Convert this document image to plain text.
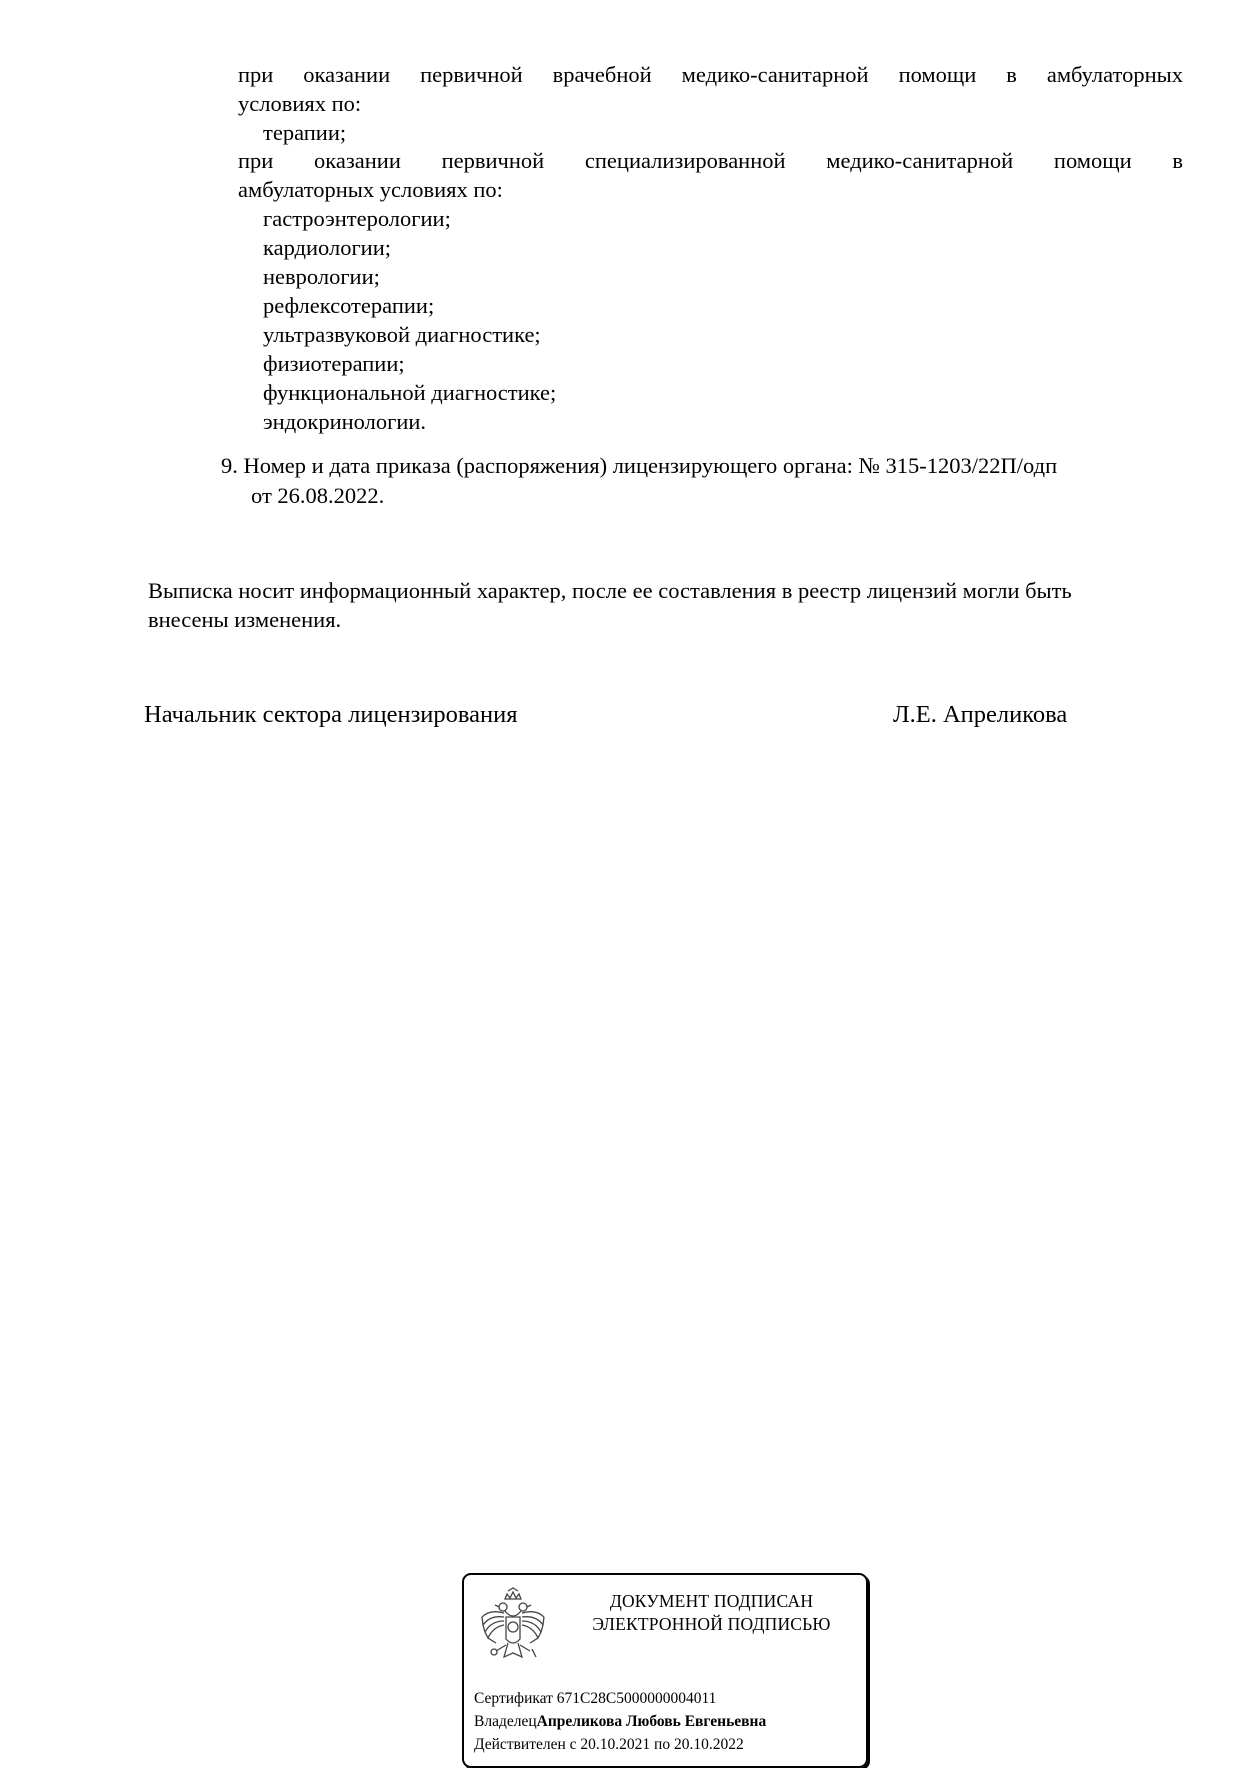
при оказании первичной врачебной медико-санитарной помощи в амбулаторных
условиях по:
терапии;
при оказании первичной специализированной медико-санитарной помощи в
амбулаторных условиях по:
гастроэнтерологии;
кардиологии;
неврологии;
рефлексотерапии;
ультразвуковой диагностике;
физиотерапии;
функциональной диагностике;
эндокринологии.
9. Номер и дата приказа (распоряжения) лицензирующего органа: № 315-1203/22П/одп
от 26.08.2022.
Выписка носит информационный характер, после ее составления в реестр лицензий могли быть
внесены изменения.
Начальник сектора лицензирования	Л.Е. Апреликова
ДОКУМЕНТ ПОДПИСАН
ЭЛЕКТРОННОЙ ПОДПИСЬЮ
Сертификат 671C28C5000000004011
ВладелецАпреликова Любовь Евгеньевна
Действителен с 20.10.2021 по 20.10.2022
